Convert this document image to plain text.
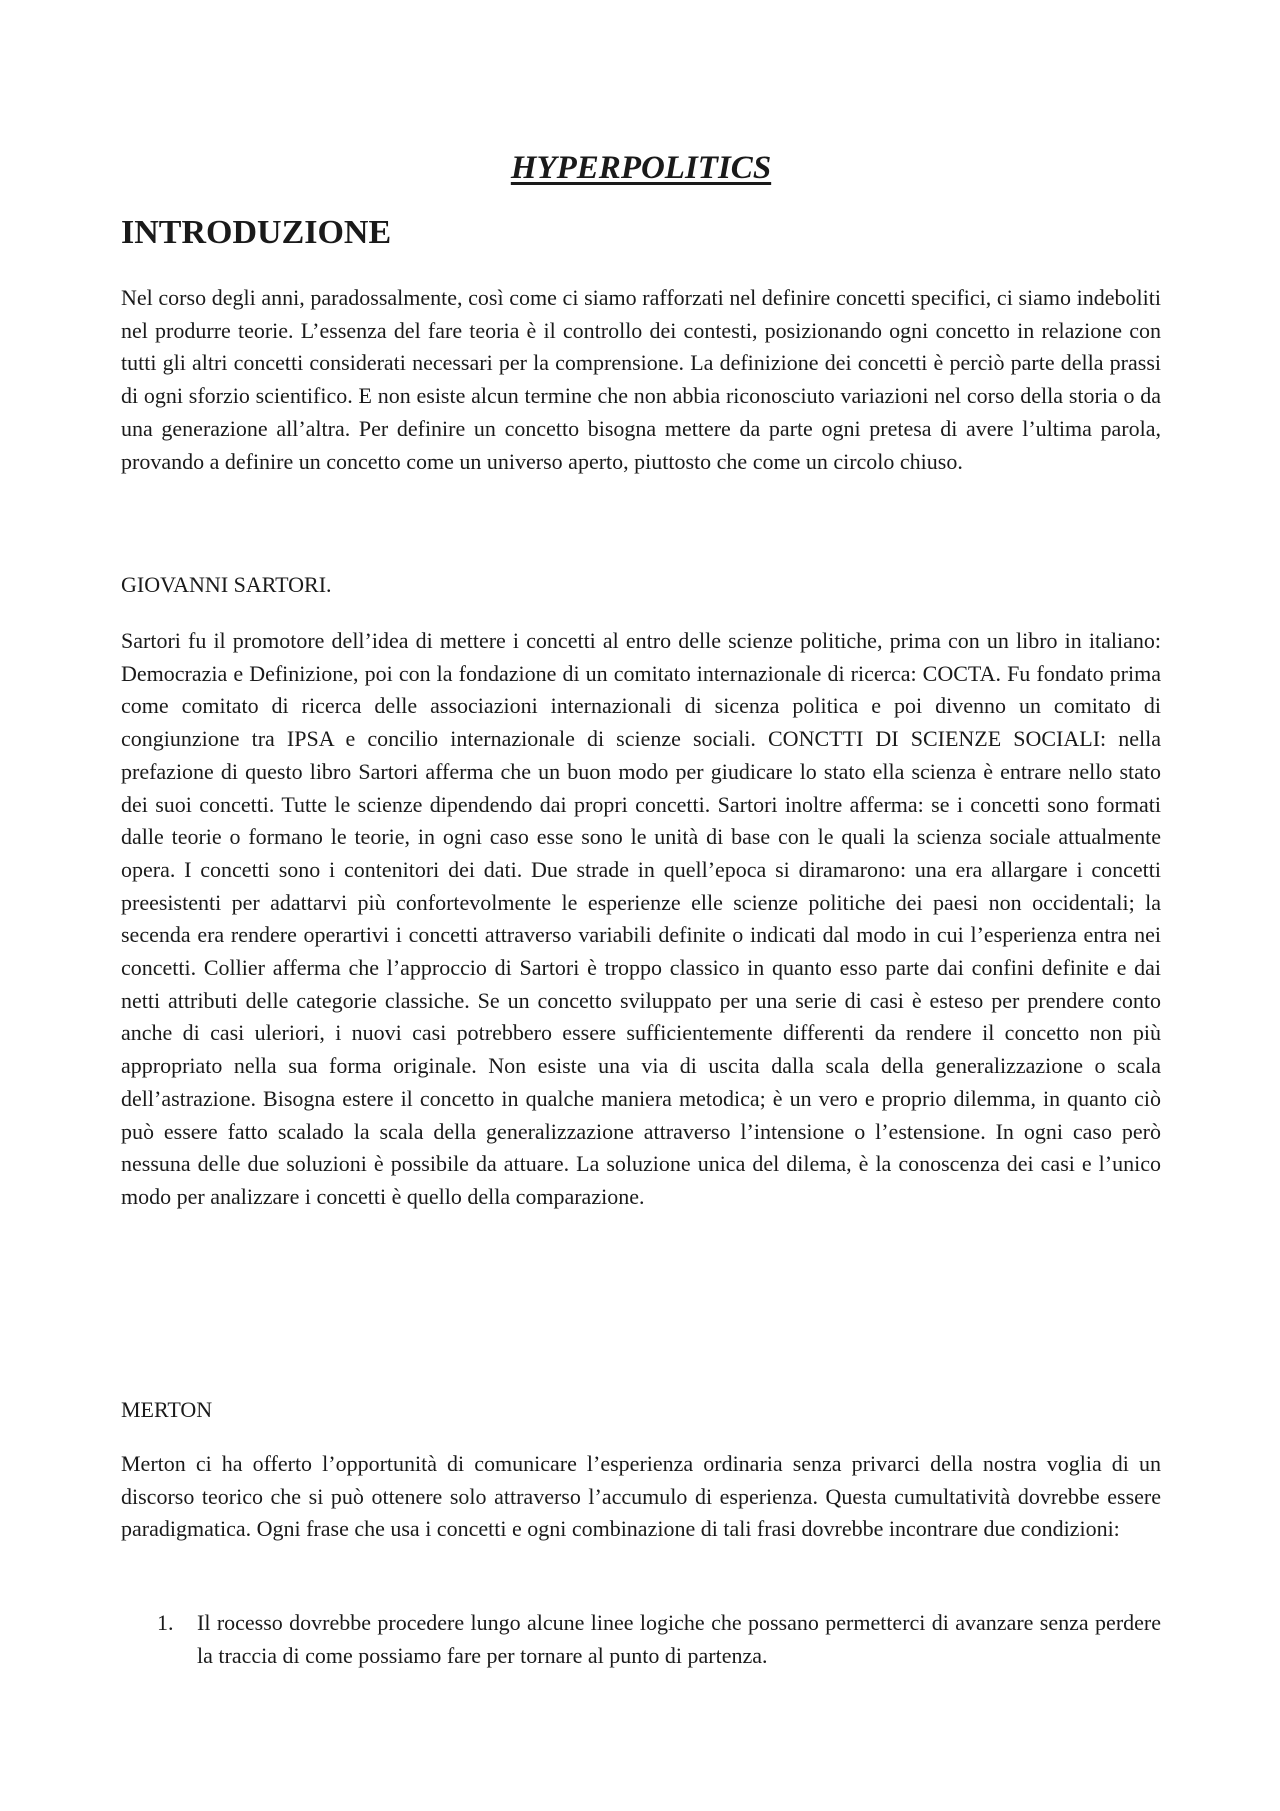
HYPERPOLITICS
INTRODUZIONE

Nel corso degli anni, paradossalmente, così come ci siamo rafforzati nel definire concetti specifici, ci siamo indeboliti nel produrre teorie. L’essenza del fare teoria è il controllo dei contesti, posizionando ogni concetto in relazione con tutti gli altri concetti considerati necessari per la comprensione. La definizione dei concetti è perciò parte della prassi di ogni sforzio scientifico. E non esiste alcun termine che non abbia riconosciuto variazioni nel corso della storia o da una generazione all’altra. Per definire un concetto bisogna mettere da parte ogni pretesa di avere l’ultima parola, provando a definire un concetto come un universo aperto, piuttosto che come un circolo chiuso.

GIOVANNI SARTORI.

Sartori fu il promotore dell’idea di mettere i concetti al entro delle scienze politiche, prima con un libro in italiano: Democrazia e Definizione, poi con la fondazione di un comitato internazionale di ricerca: COCTA. Fu fondato prima come comitato di ricerca delle associazioni internazionali di sicenza politica e poi divenno un comitato di congiunzione tra IPSA e concilio internazionale di scienze sociali. CONCTTI DI SCIENZE SOCIALI: nella prefazione di questo libro Sartori afferma che un buon modo per giudicare lo stato ella scienza è entrare nello stato dei suoi concetti. Tutte le scienze dipendendo dai propri concetti. Sartori inoltre afferma: se i concetti sono formati dalle teorie o formano le teorie, in ogni caso esse sono le unità di base con le quali la scienza sociale attualmente opera. I concetti sono i contenitori dei dati. Due strade in quell’epoca si diramarono: una era allargare i concetti preesistenti per adattarvi più confortevolmente le esperienze elle scienze politiche dei paesi non occidentali; la secenda era rendere operartivi i concetti attraverso variabili definite o indicati dal modo in cui l’esperienza entra nei concetti. Collier afferma che l’approccio di Sartori è troppo classico in quanto esso parte dai confini definite e dai netti attributi delle categorie classiche. Se un concetto sviluppato per una serie di casi è esteso per prendere conto anche di casi uleriori, i nuovi casi potrebbero essere sufficientemente differenti da rendere il concetto non più appropriato nella sua forma originale. Non esiste una via di uscita dalla scala della generalizzazione o scala dell’astrazione. Bisogna estere il concetto in qualche maniera metodica; è un vero e proprio dilemma, in quanto ciò può essere fatto scalado la scala della generalizzazione attraverso l’intensione o l’estensione. In ogni caso però nessuna delle due soluzioni è possibile da attuare. La soluzione unica del dilema, è la conoscenza dei casi e l’unico modo per analizzare i concetti è quello della comparazione.

MERTON

Merton ci ha offerto l’opportunità di comunicare l’esperienza ordinaria senza privarci della nostra voglia di un discorso teorico che si può ottenere solo attraverso l’accumulo di esperienza. Questa cumultatività dovrebbe essere paradigmatica. Ogni frase che usa i concetti e ogni combinazione di tali frasi dovrebbe incontrare due condizioni:

1. Il rocesso dovrebbe procedere lungo alcune linee logiche che possano permetterci di avanzare senza perdere la traccia di come possiamo fare per tornare al punto di partenza.
